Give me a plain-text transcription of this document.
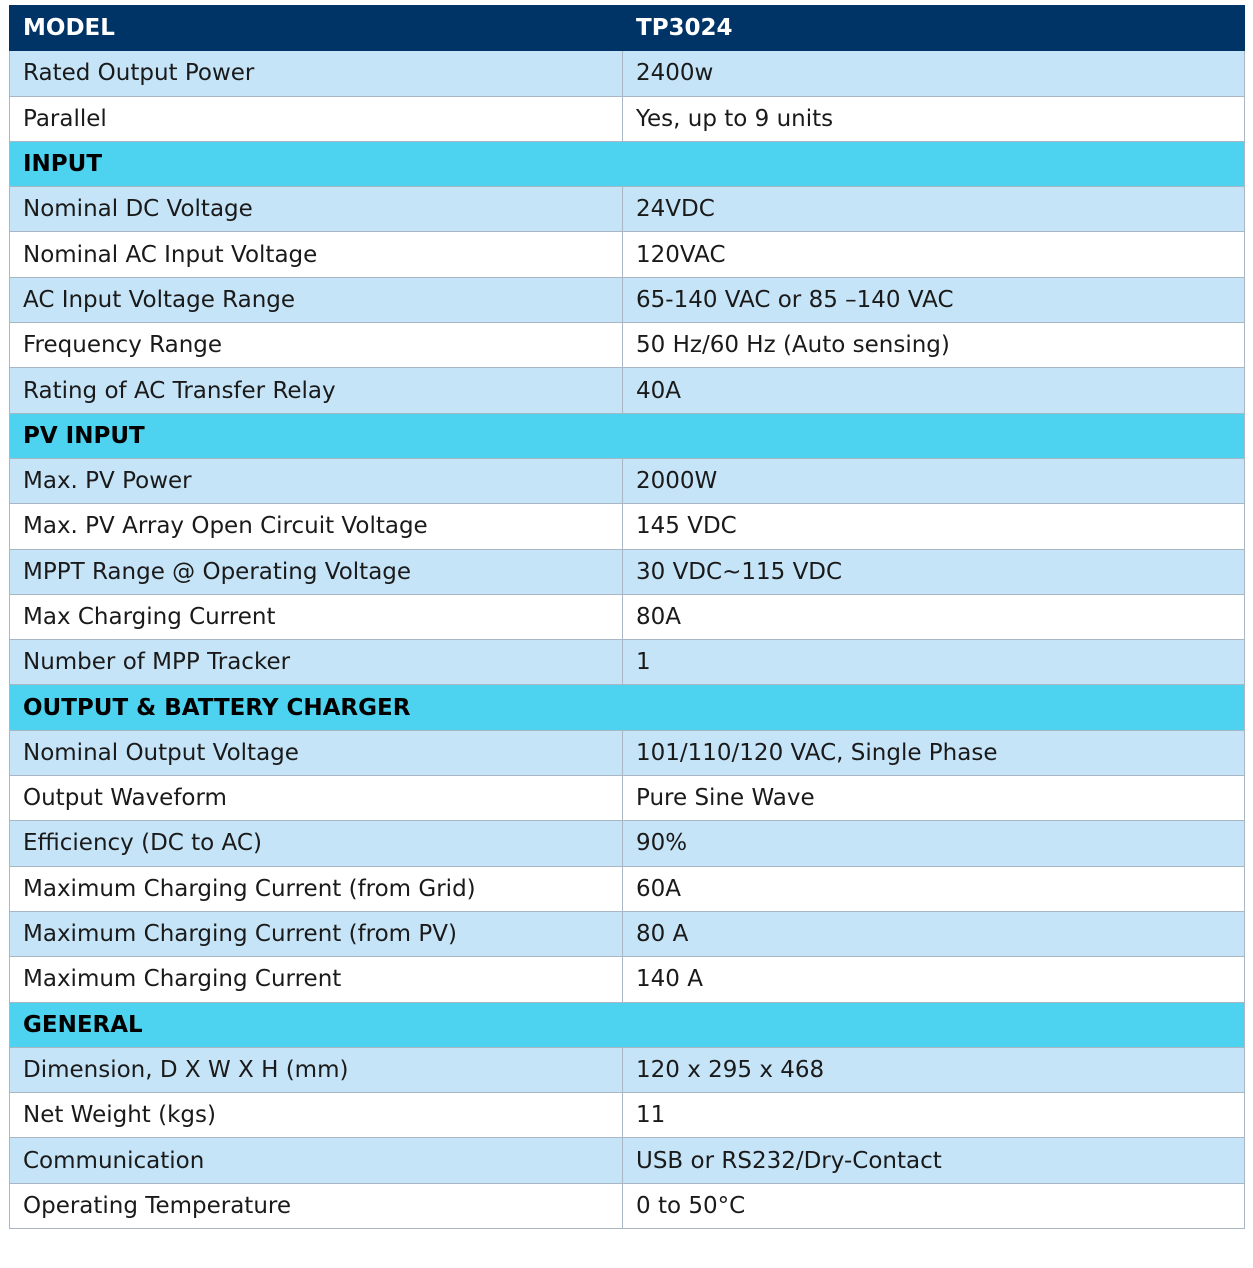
MODEL	TP3024
Rated Output Power	2400w
Parallel	Yes, up to 9 units
INPUT	
Nominal DC Voltage	24VDC
Nominal AC Input Voltage	120VAC
AC Input Voltage Range	65-140 VAC or 85 –140 VAC
Frequency Range	50 Hz/60 Hz (Auto sensing)
Rating of AC Transfer Relay	40A
PV INPUT	
Max. PV Power	2000W
Max. PV Array Open Circuit Voltage	145 VDC
MPPT Range @ Operating Voltage	30 VDC~115 VDC
Max Charging Current	80A
Number of MPP Tracker	1
OUTPUT & BATTERY CHARGER	
Nominal Output Voltage	101/110/120 VAC, Single Phase
Output Waveform	Pure Sine Wave
Efficiency (DC to AC)	90%
Maximum Charging Current (from Grid)	60A
Maximum Charging Current (from PV)	80 A
Maximum Charging Current	140 A
GENERAL	
Dimension, D X W X H (mm)	120 x 295 x 468
Net Weight (kgs)	11
Communication	USB or RS232/Dry-Contact
Operating Temperature	0 to 50°C
